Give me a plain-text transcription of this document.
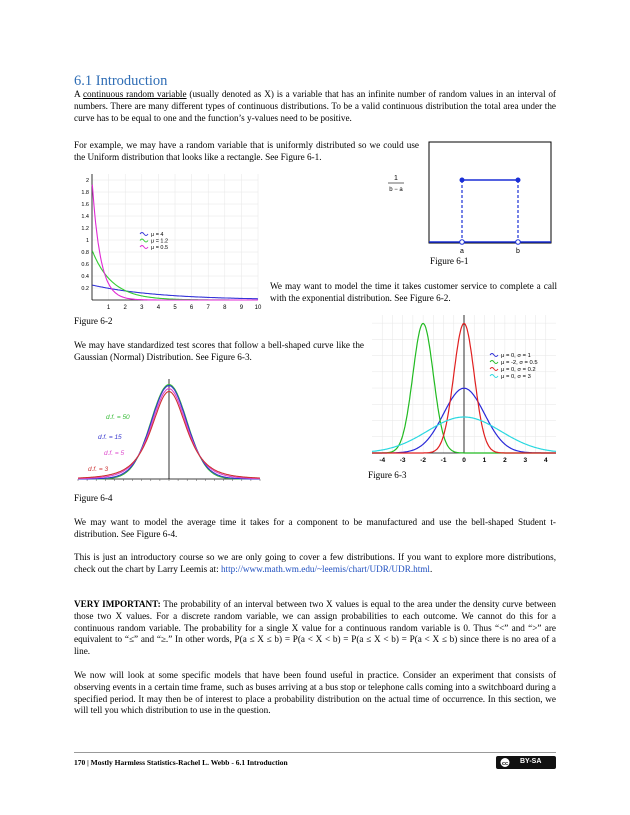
6.1 Introduction
A continuous random variable (usually denoted as X) is a variable that has an infinite number of random values in an interval of numbers. There are many different types of continuous distributions. To be a valid continuous distribution the total area under the curve has to be equal to one and the function’s y-values need to be positive.
For example, we may have a random variable that is uniformly distributed so we could use the Uniform distribution that looks like a rectangle. See Figure 6-1.
1
b − a
a	b
Figure 6-1
1 2 3 4 5 6 7 8 9 10
0.2
0.4
0.6
0.8
1
1.2
1.4
1.6
1.8
2
μ = 4
μ = 1.2
μ = 0.5
Figure 6-2
We may want to model the time it takes customer service to complete a call with the exponential distribution. See Figure 6-2.
We may have standardized test scores that follow a bell-shaped curve like the Gaussian (Normal) Distribution. See Figure 6-3.
-4 -3 -2 -1 0	1	2	3	4
μ = 0, σ = 1
μ = -2, σ = 0.5
μ = 0, σ = 0.2
μ = 0, σ = 3
Figure 6-3
d.f. = 50
d.f. = 15
d.f. = 5
d.f. = 3
Figure 6-4
We may want to model the average time it takes for a component to be manufactured and use the bell-shaped Student t-distribution. See Figure 6-4.
This is just an introductory course so we are only going to cover a few distributions. If you want to explore more distributions, check out the chart by Larry Leemis at: http://www.math.wm.edu/~leemis/chart/UDR/UDR.html.
VERY IMPORTANT: The probability of an interval between two X values is equal to the area under the density curve between those two X values. For a discrete random variable, we can assign probabilities to each outcome. We cannot do this for a continuous random variable. The probability for a single X value for a continuous random variable is 0. Thus “<” and “>” are equivalent to “≤” and “≥.” In other words, P(a ≤ X ≤ b) = P(a < X < b) = P(a ≤ X < b) = P(a < X ≤ b) since there is no area of a line.
We now will look at some specific models that have been found useful in practice. Consider an experiment that consists of observing events in a certain time frame, such as buses arriving at a bus stop or telephone calls coming into a switchboard during a specified period. It may then be of interest to place a probability distribution on the actual time of occurrence. In this section, we will tell you which distribution to use in the question.
170 | Mostly Harmless Statistics-Rachel L. Webb - 6.1 Introduction	cc BY-SA
